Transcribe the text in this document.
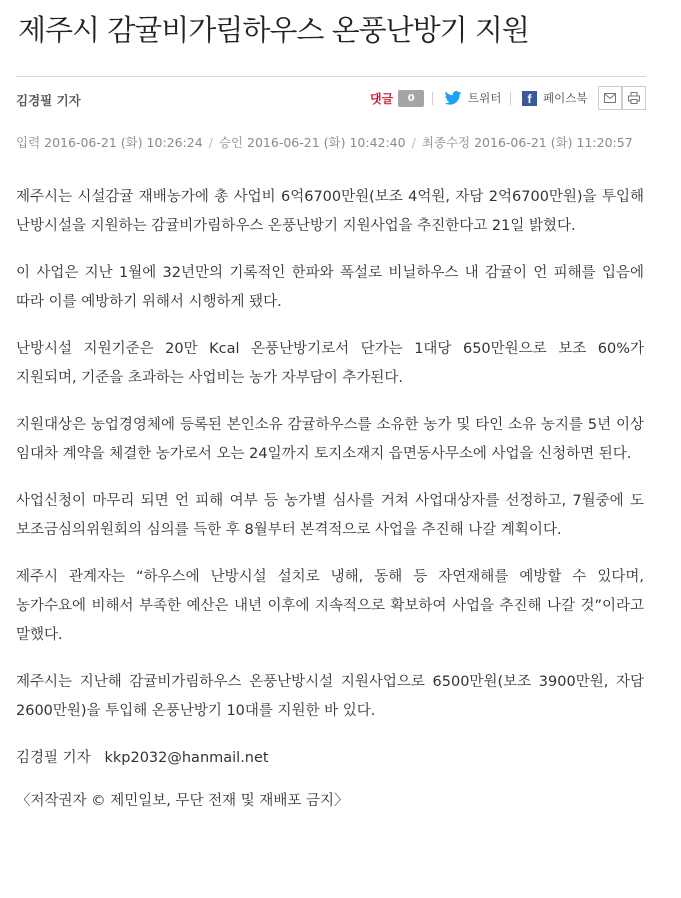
제주시 감귤비가림하우스 온풍난방기 지원
김경필 기자	댓글	0	트위터	f	페이스북
입력 2016-06-21 (화) 10:26:24 / 승인 2016-06-21 (화) 10:42:40 / 최종수정 2016-06-21 (화) 11:20:57

제주시는 시설감귤 재배농가에 총 사업비 6억6700만원(보조 4억원, 자담 2억6700만원)을 투입해 난방시설을 지원하는 감귤비가림하우스 온풍난방기 지원사업을 추진한다고 21일 밝혔다.

이 사업은 지난 1월에 32년만의 기록적인 한파와 폭설로 비닐하우스 내 감귤이 언 피해를 입음에 따라 이를 예방하기 위해서 시행하게 됐다.

난방시설 지원기준은 20만 Kcal 온풍난방기로서 단가는 1대당 650만원으로 보조 60%가 지원되며, 기준을 초과하는 사업비는 농가 자부담이 추가된다.

지원대상은 농업경영체에 등록된 본인소유 감귤하우스를 소유한 농가 및 타인 소유 농지를 5년 이상 임대차 계약을 체결한 농가로서 오는 24일까지 토지소재지 읍면동사무소에 사업을 신청하면 된다.

사업신청이 마무리 되면 언 피해 여부 등 농가별 심사를 거쳐 사업대상자를 선정하고, 7월중에 도 보조금심의위원회의 심의를 득한 후 8월부터 본격적으로 사업을 추진해 나갈 계획이다.

제주시 관계자는 “하우스에 난방시설 설치로 냉해, 동해 등 자연재해를 예방할 수 있다며, 농가수요에 비해서 부족한 예산은 내년 이후에 지속적으로 확보하여 사업을 추진해 나갈 것”이라고 말했다.

제주시는 지난해 감귤비가림하우스 온풍난방시설 지원사업으로 6500만원(보조 3900만원, 자담 2600만원)을 투입해 온풍난방기 10대를 지원한 바 있다.

김경필 기자   kkp2032@hanmail.net

〈저작권자 © 제민일보, 무단 전재 및 재배포 금지〉
